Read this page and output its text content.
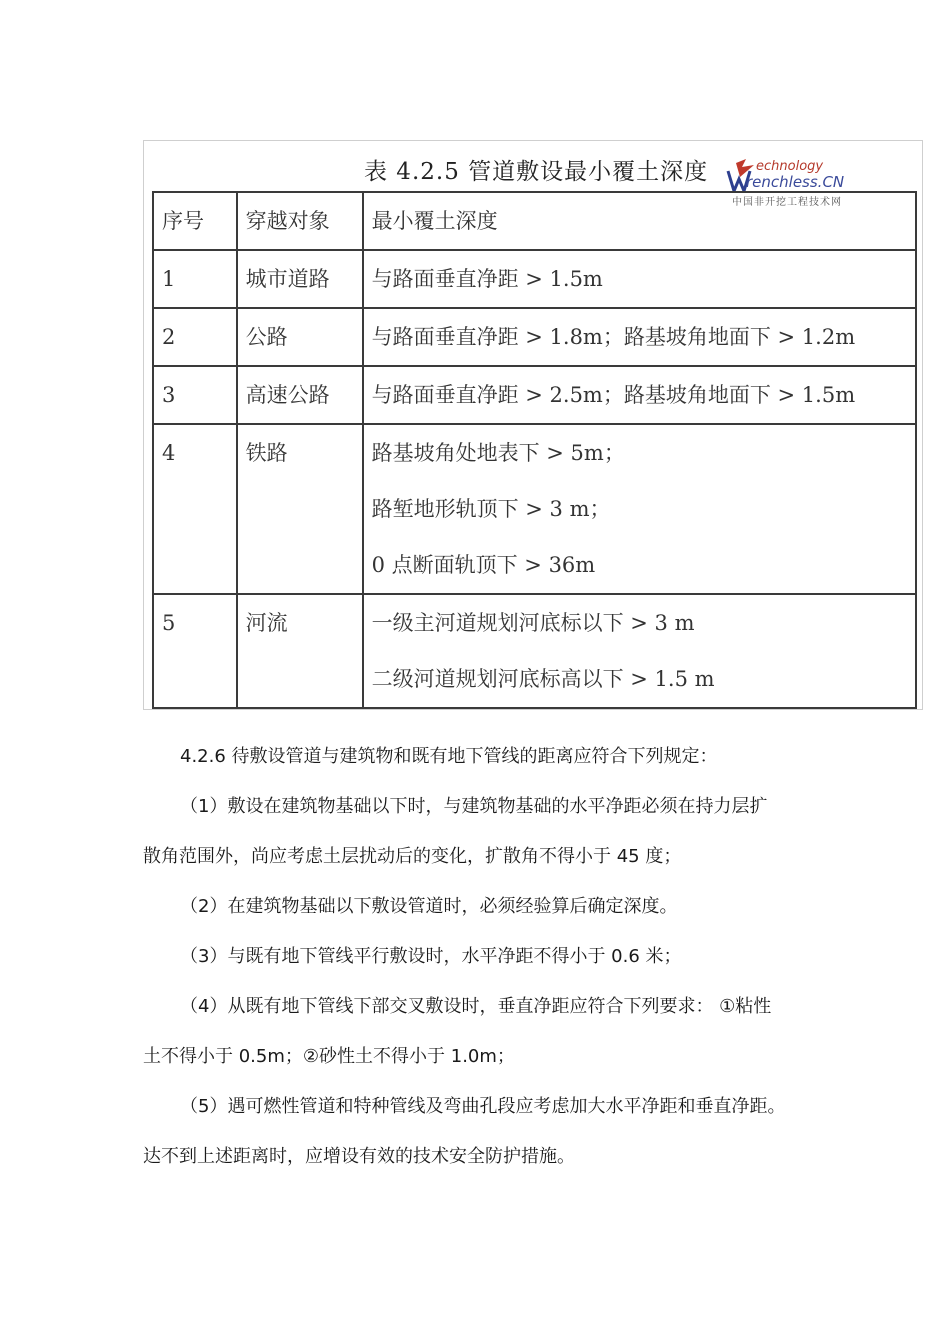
表 4.2.5 管道敷设最小覆土深度	echnology
renchless.CN
中国非开挖工程技术网
序号	穿越对象	最小覆土深度

1	城市道路	与路面垂直净距 > 1.5m

2	公路	与路面垂直净距 > 1.8m；路基坡角地面下 > 1.2m

3	高速公路	与路面垂直净距 > 2.5m；路基坡角地面下 > 1.5m

4	铁路	路基坡角处地表下 > 5m；
路堑地形轨顶下 > 3 m；
0 点断面轨顶下 > 36m

5	河流	一级主河道规划河底标以下 > 3 m
二级河道规划河底标高以下 > 1.5 m
4.2.6 待敷设管道与建筑物和既有地下管线的距离应符合下列规定：
（1）敷设在建筑物基础以下时，与建筑物基础的水平净距必须在持力层扩
散角范围外，尚应考虑土层扰动后的变化，扩散角不得小于 45 度；
（2）在建筑物基础以下敷设管道时，必须经验算后确定深度。
（3）与既有地下管线平行敷设时，水平净距不得小于 0.6 米；
（4）从既有地下管线下部交叉敷设时，垂直净距应符合下列要求： ①粘性
土不得小于 0.5m；②砂性土不得小于 1.0m；
（5）遇可燃性管道和特种管线及弯曲孔段应考虑加大水平净距和垂直净距。
达不到上述距离时，应增设有效的技术安全防护措施。
